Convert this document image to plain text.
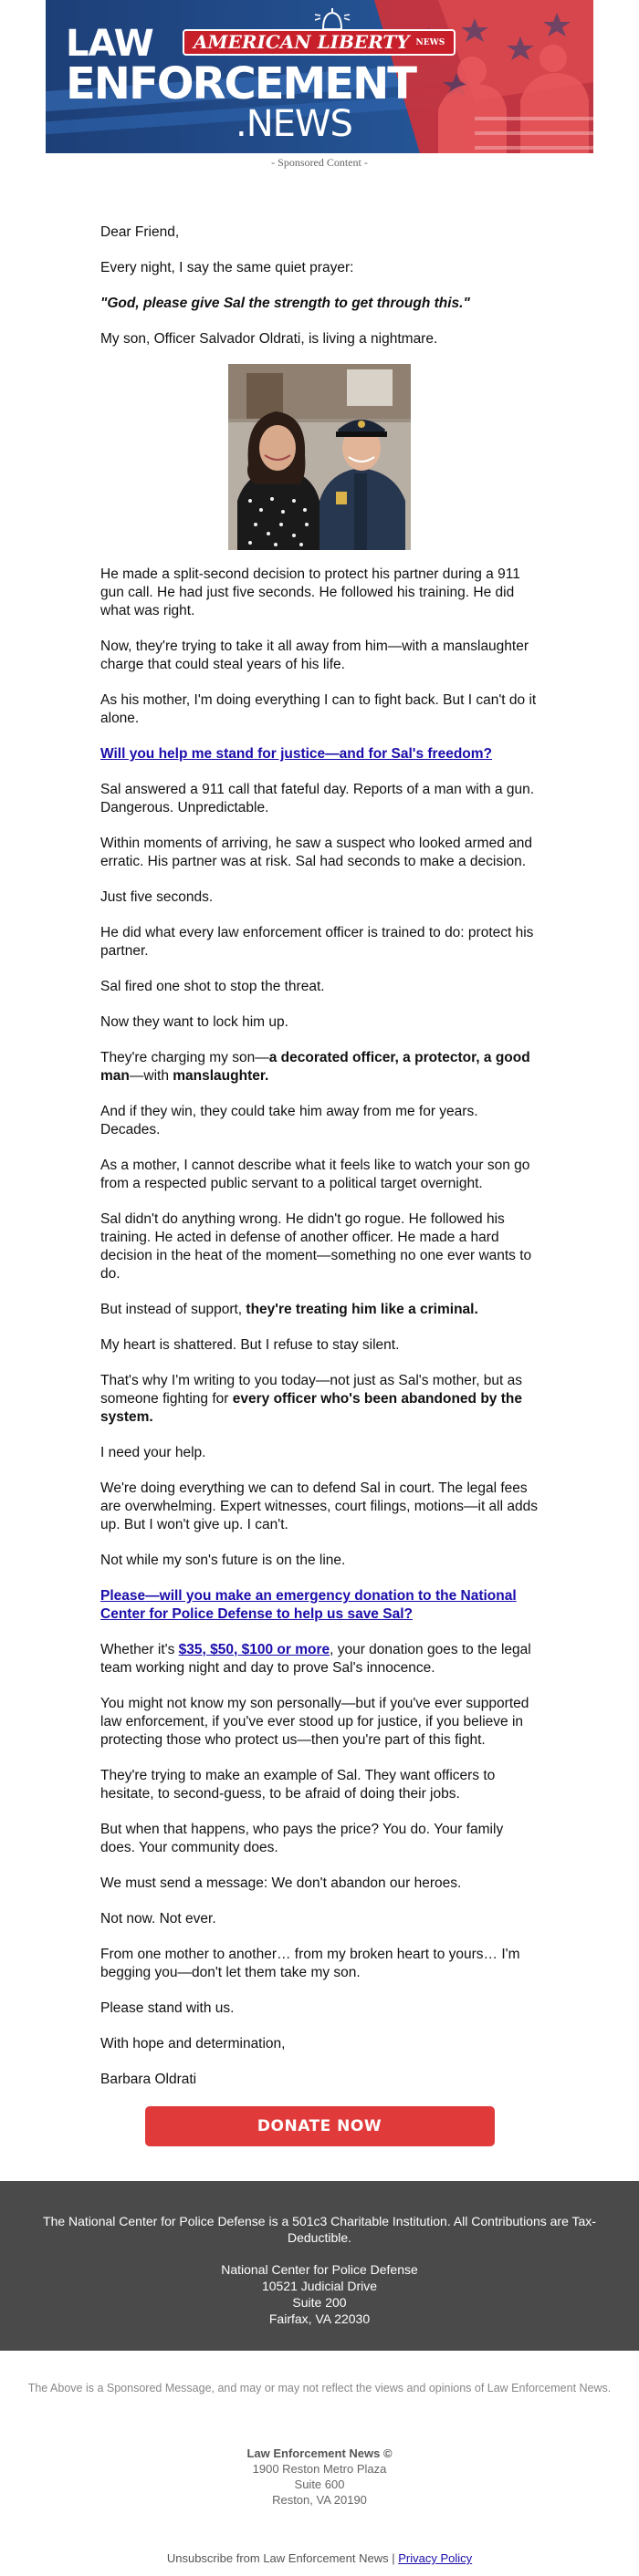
AMERICAN LIBERTY NEWS
LAW
ENFORCEMENT
.NEWS
- Sponsored Content -

Dear Friend,

Every night, I say the same quiet prayer:

"God, please give Sal the strength to get through this."

My son, Officer Salvador Oldrati, is living a nightmare.

He made a split-second decision to protect his partner during a 911 gun call. He had just five seconds. He followed his training. He did what was right.

Now, they're trying to take it all away from him—with a manslaughter charge that could steal years of his life.

As his mother, I'm doing everything I can to fight back. But I can't do it alone.

Will you help me stand for justice—and for Sal's freedom?

Sal answered a 911 call that fateful day. Reports of a man with a gun. Dangerous. Unpredictable.

Within moments of arriving, he saw a suspect who looked armed and erratic. His partner was at risk. Sal had seconds to make a decision.

Just five seconds.

He did what every law enforcement officer is trained to do: protect his partner.

Sal fired one shot to stop the threat.

Now they want to lock him up.

They're charging my son—a decorated officer, a protector, a good man—with manslaughter.

And if they win, they could take him away from me for years. Decades.

As a mother, I cannot describe what it feels like to watch your son go from a respected public servant to a political target overnight.

Sal didn't do anything wrong. He didn't go rogue. He followed his training. He acted in defense of another officer. He made a hard decision in the heat of the moment—something no one ever wants to do.

But instead of support, they're treating him like a criminal.

My heart is shattered. But I refuse to stay silent.

That's why I'm writing to you today—not just as Sal's mother, but as someone fighting for every officer who's been abandoned by the system.

I need your help.

We're doing everything we can to defend Sal in court. The legal fees are overwhelming. Expert witnesses, court filings, motions—it all adds up. But I won't give up. I can't.

Not while my son's future is on the line.

Please—will you make an emergency donation to the National Center for Police Defense to help us save Sal?

Whether it's $35, $50, $100 or more, your donation goes to the legal team working night and day to prove Sal's innocence.

You might not know my son personally—but if you've ever supported law enforcement, if you've ever stood up for justice, if you believe in protecting those who protect us—then you're part of this fight.

They're trying to make an example of Sal. They want officers to hesitate, to second-guess, to be afraid of doing their jobs.

But when that happens, who pays the price? You do. Your family does. Your community does.

We must send a message: We don't abandon our heroes.

Not now. Not ever.

From one mother to another… from my broken heart to yours… I'm begging you—don't let them take my son.

Please stand with us.

With hope and determination,

Barbara Oldrati

DONATE NOW

The National Center for Police Defense is a 501c3 Charitable Institution. All Contributions are Tax-Deductible.

National Center for Police Defense
10521 Judicial Drive
Suite 200
Fairfax, VA 22030
The Above is a Sponsored Message, and may or may not reflect the views and opinions of Law Enforcement News.
Law Enforcement News ©
1900 Reston Metro Plaza
Suite 600
Reston, VA 20190
Unsubscribe from Law Enforcement News | Privacy Policy
